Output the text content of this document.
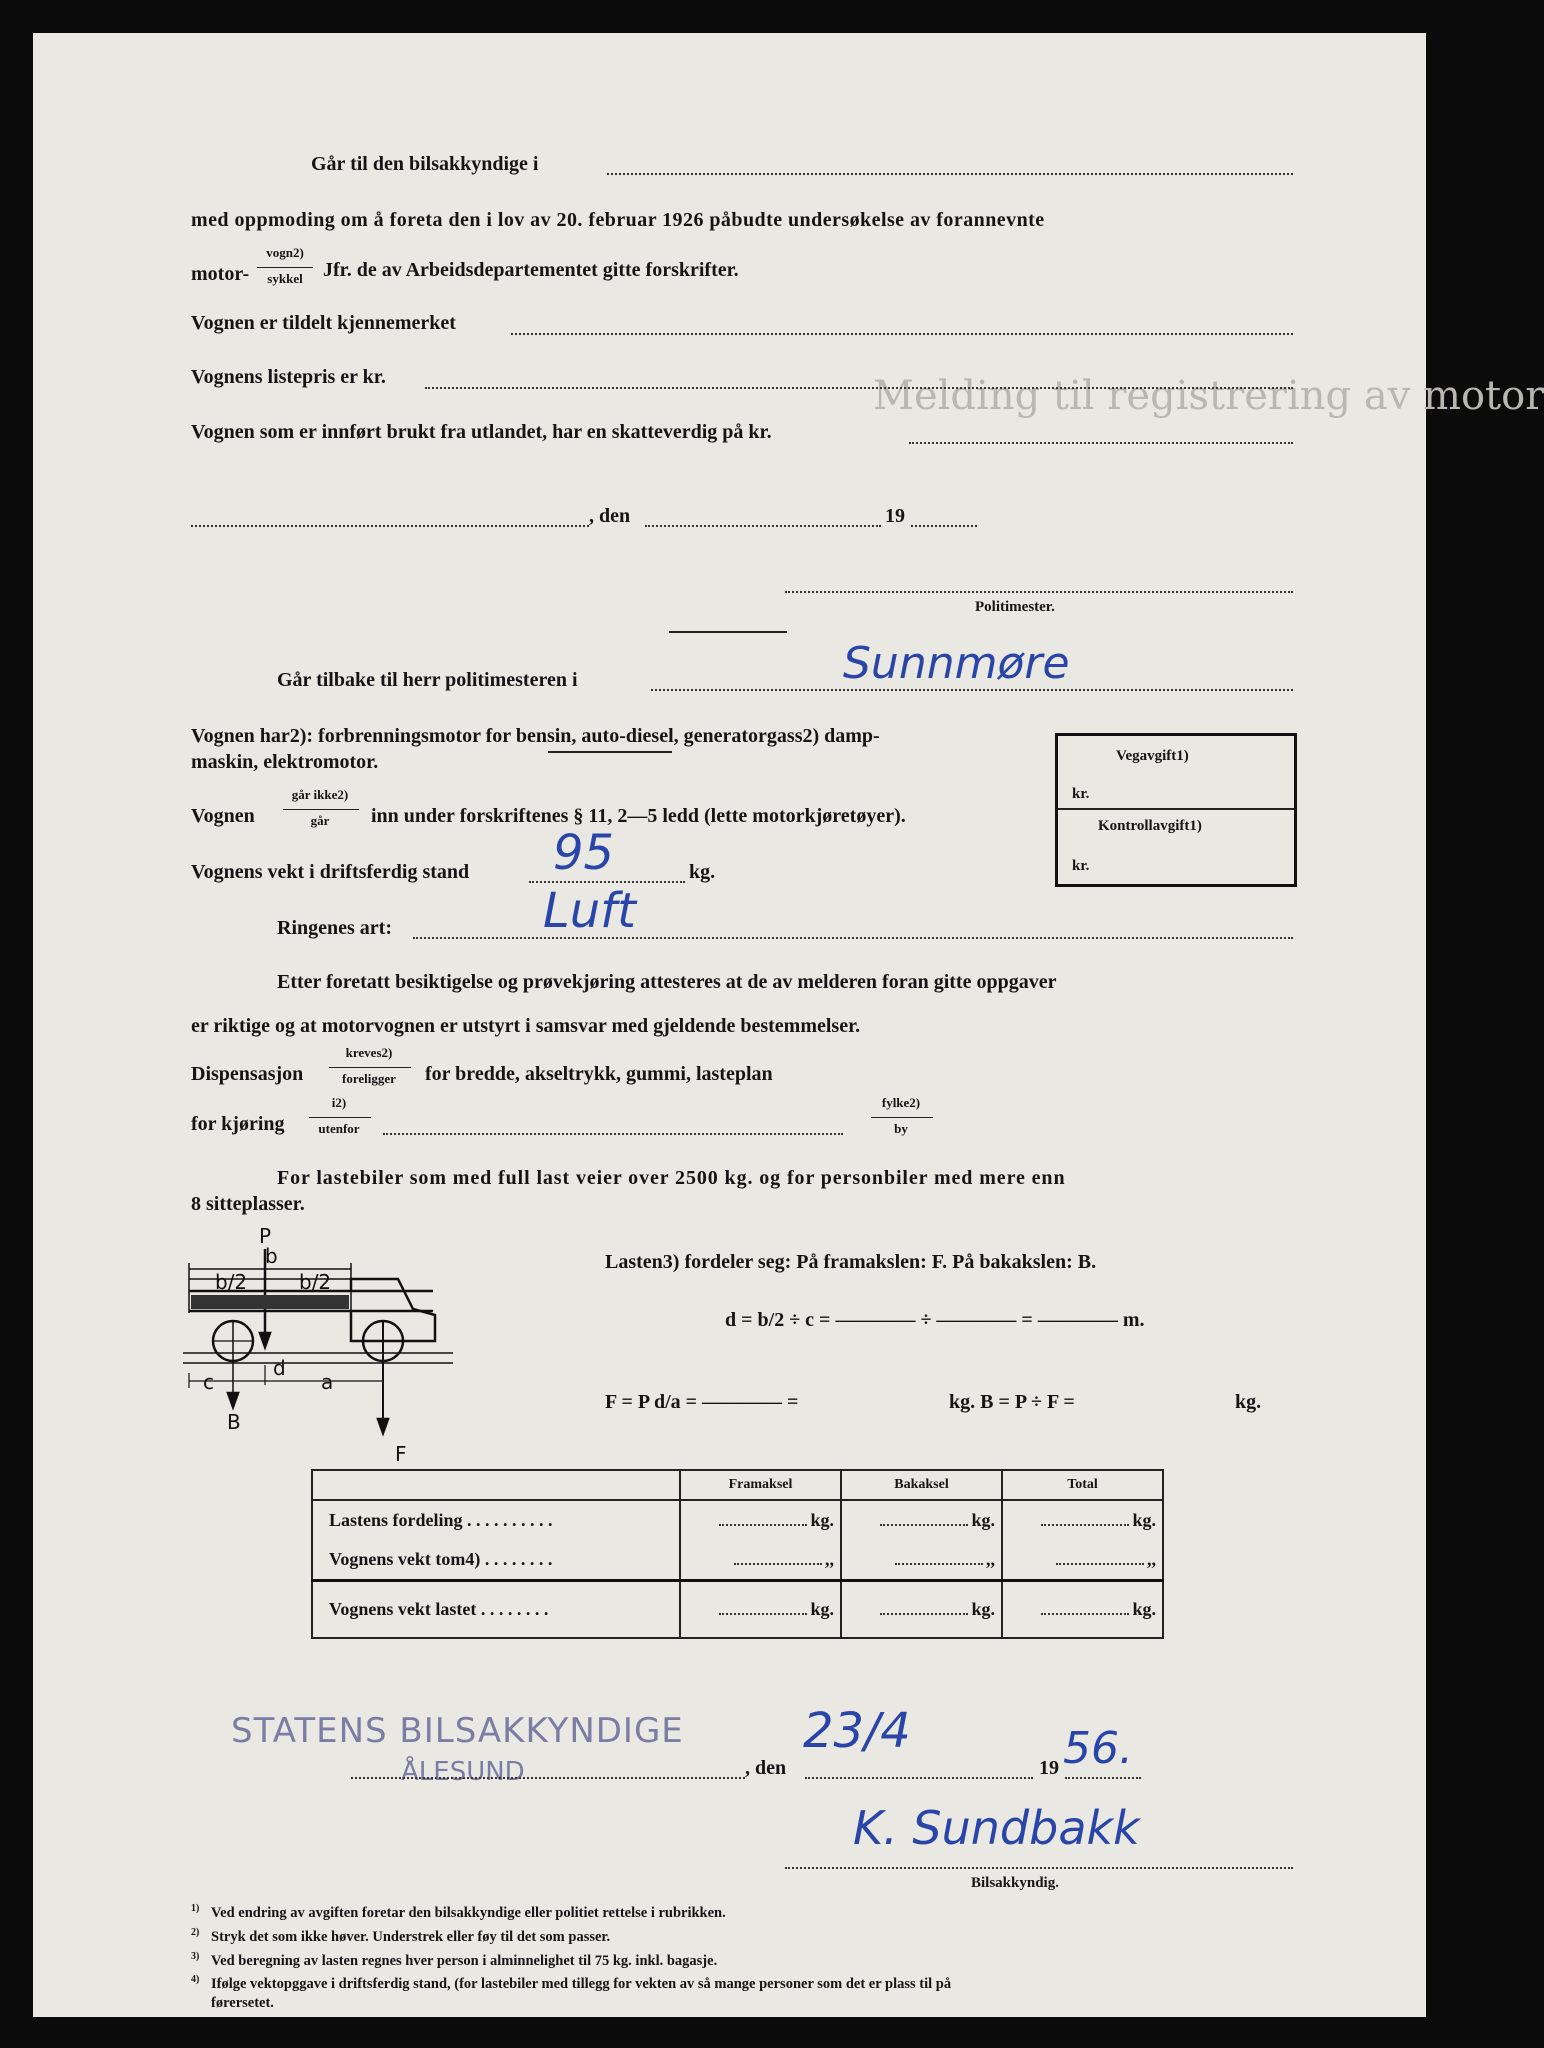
Melding til registrering av motor
Går til den bilsakkyndige i
med oppmoding om å foreta den i lov av 20. februar 1926 påbudte undersøkelse av forannevnte
motor-
vogn2)
sykkel	Jfr. de av Arbeidsdepartementet gitte forskrifter.
Vognen er tildelt kjennemerket
Vognens listepris er kr.
Vognen som er innført brukt fra utlandet, har en skatteverdig på kr.
, den	19
Politimester.
Går tilbake til herr politimesteren i	Sunnmøre
Vognen har2): forbrenningsmotor for bensin, auto-diesel, generatorgass2) damp-
maskin, elektromotor.
Vognen
går ikke2)
går	inn under forskriftenes § 11, 2—5 ledd (lette motorkjøretøyer).
Vognens vekt i driftsferdig stand 95	kg.
Ringenes art:	Luft
Etter foretatt besiktigelse og prøvekjøring attesteres at de av melderen foran gitte oppgaver
er riktige og at motorvognen er utstyrt i samsvar med gjeldende bestemmelser.
Dispensasjon
kreves2)
foreligger	for bredde, akseltrykk, gummi, lasteplan
for kjøring
i2)
utenfor
fylke2)
by
For lastebiler som med full last veier over 2500 kg. og for personbiler med mere enn
8 sitteplasser.
Vegavgift1)
kr.
Kontrollavgift1)
kr.
P
b
b/2	b/2
c
d
a
B
F
Lasten3) fordeler seg: På framakslen: F. På bakakslen: B.
d = b/2 ÷ c = ———— ÷ ———— = ———— m.
F = P d/a = ———— =	kg. B = P ÷ F =	kg.
	Framaksel	Bakaksel	Total
Lastens fordeling . . . . . . . . . .	kg.	kg.	kg.
Vognens vekt tom4) . . . . . . . .	,,	,,	,,
Vognens vekt lastet . . . . . . . .	kg.	kg.	kg.
STATENS BILSAKKYNDIGE
ÅLESUND	, den
23/4
19 56.
K. Sundbakk
Bilsakkyndig.
$^{1)}$ Ved endring av avgiften foretar den bilsakkyndige eller politiet rettelse i rubrikken.
$^{2)}$ Stryk det som ikke høver. Understrek eller føy til det som passer.
$^{3)}$ Ved beregning av lasten regnes hver person i alminnelighet til 75 kg. inkl. bagasje.
$^{4)}$ Ifølge vektopggave i driftsferdig stand, (for lastebiler med tillegg for vekten av så mange personer som det er plass til på
førersetet.
